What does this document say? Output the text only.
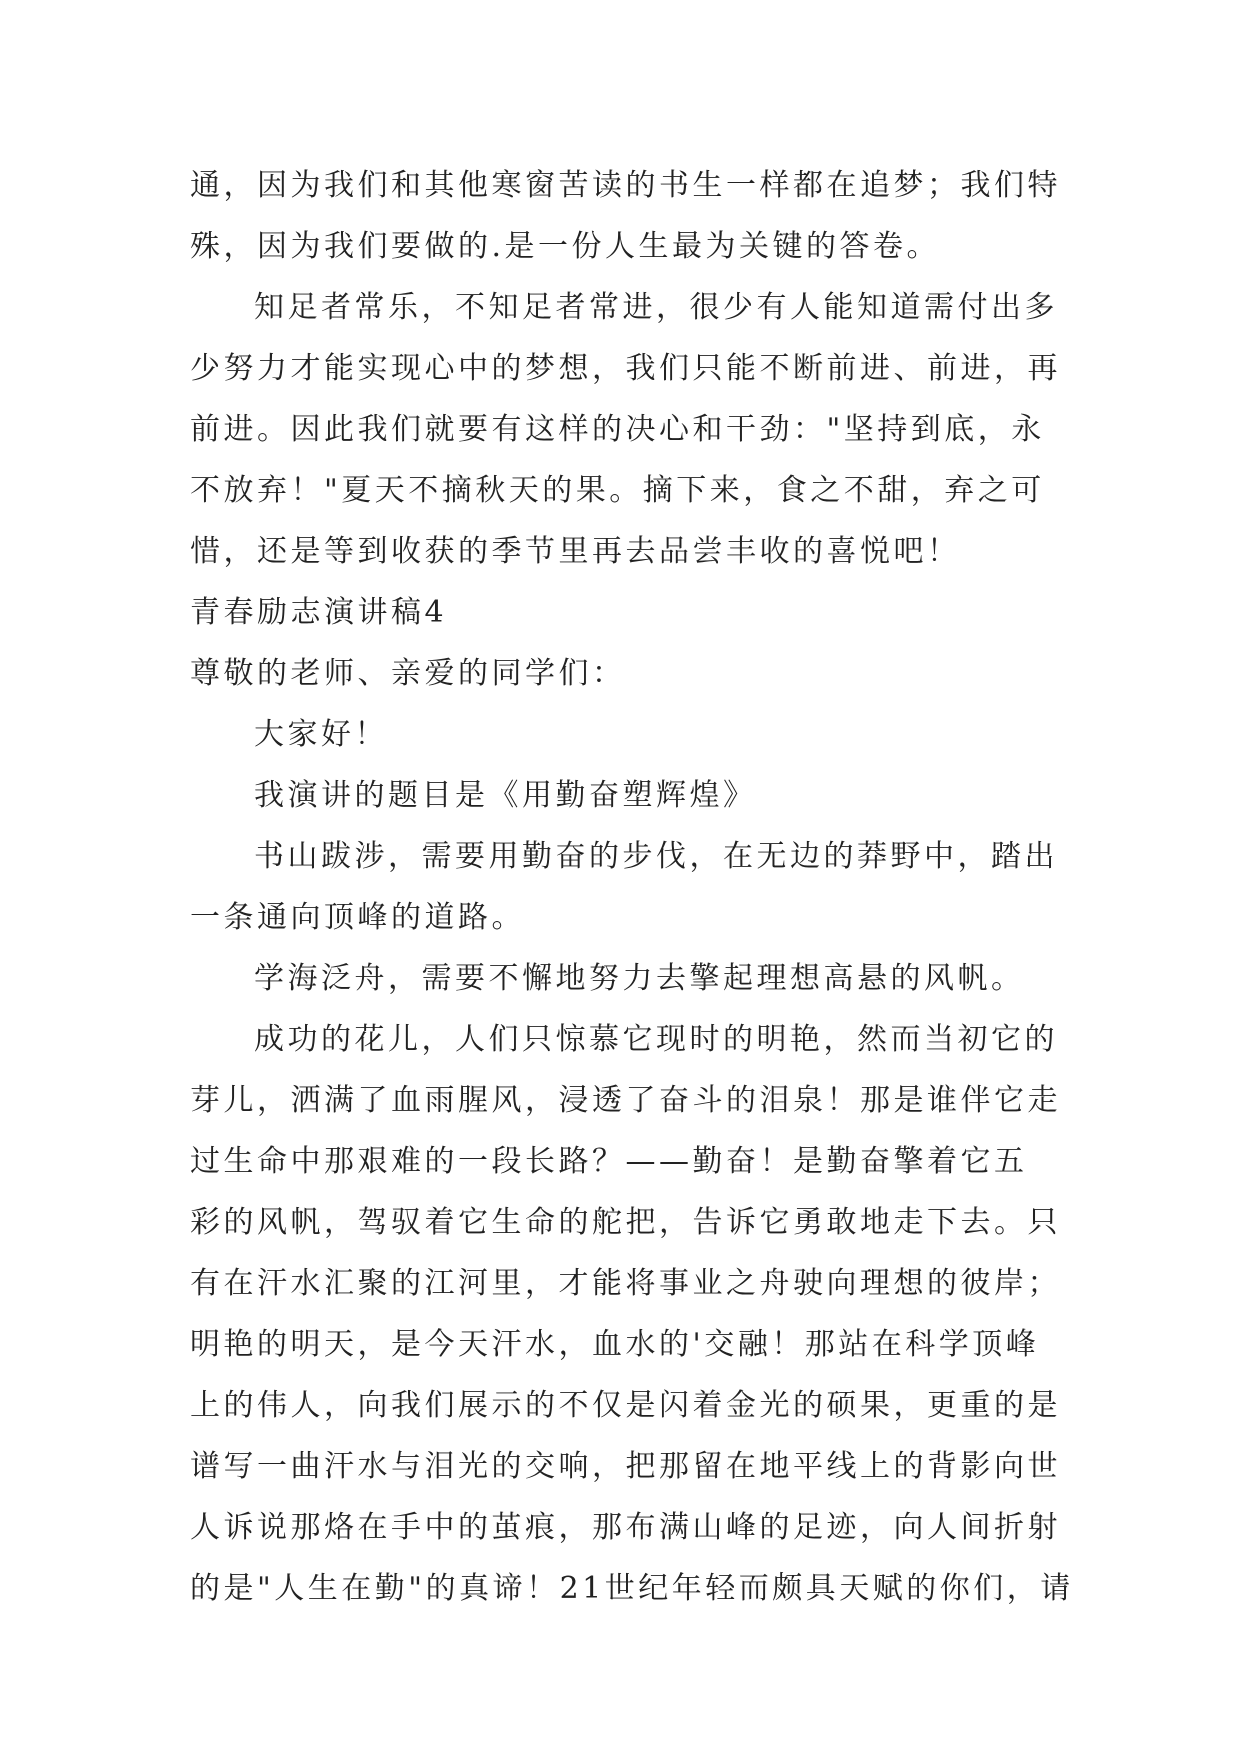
通，因为我们和其他寒窗苦读的书生一样都在追梦；我们特
殊，因为我们要做的.是一份人生最为关键的答卷。
知足者常乐，不知足者常进，很少有人能知道需付出多
少努力才能实现心中的梦想，我们只能不断前进、前进，再
前进。因此我们就要有这样的决心和干劲："坚持到底，永
不放弃！"夏天不摘秋天的果。摘下来，食之不甜，弃之可
惜，还是等到收获的季节里再去品尝丰收的喜悦吧！
青春励志演讲稿4
尊敬的老师、亲爱的同学们：
大家好！
我演讲的题目是《用勤奋塑辉煌》
书山跋涉，需要用勤奋的步伐，在无边的莽野中，踏出
一条通向顶峰的道路。
学海泛舟，需要不懈地努力去擎起理想高悬的风帆。
成功的花儿，人们只惊慕它现时的明艳，然而当初它的
芽儿，洒满了血雨腥风，浸透了奋斗的泪泉！那是谁伴它走
过生命中那艰难的一段长路？——勤奋！是勤奋擎着它五
彩的风帆，驾驭着它生命的舵把，告诉它勇敢地走下去。只
有在汗水汇聚的江河里，才能将事业之舟驶向理想的彼岸；
明艳的明天，是今天汗水，血水的'交融！那站在科学顶峰
上的伟人，向我们展示的不仅是闪着金光的硕果，更重的是
谱写一曲汗水与泪光的交响，把那留在地平线上的背影向世
人诉说那烙在手中的茧痕，那布满山峰的足迹，向人间折射
的是"人生在勤"的真谛！21世纪年轻而颇具天赋的你们，请
